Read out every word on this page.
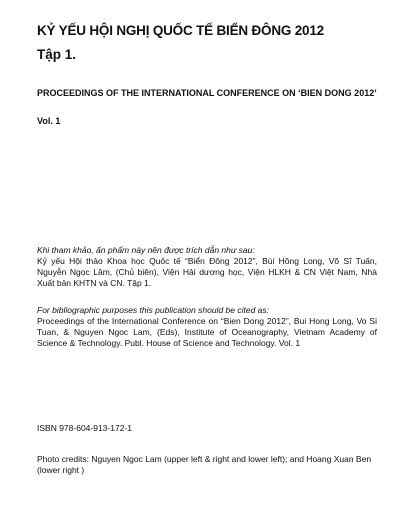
KỶ YẾU HỘI NGHỊ QUỐC TẾ BIỂN ĐÔNG 2012
Tập 1.
PROCEEDINGS OF THE INTERNATIONAL CONFERENCE ON ‘BIEN DONG 2012’
Vol. 1
Khi tham khảo, ấn phẩm này nên được trích dẫn như sau:
Kỷ yếu Hội thảo Khoa học Quốc tế “Biển Đông 2012”, Bùi Hồng Long, Võ Sĩ Tuấn, Nguyễn Ngọc Lâm, (Chủ biên), Viện Hải dương học, Viện HLKH & CN Việt Nam, Nhà Xuất bản KHTN và CN. Tập 1.
For bibliographic purposes this publication should be cited as:
Proceedings of the International Conference on “Bien Dong 2012”, Bui Hong Long, Vo Si Tuan, & Nguyen Ngoc Lam, (Eds), Institute of Oceanography, Vietnam Academy of Science & Technology. Publ. House of Science and Technology. Vol. 1
ISBN 978-604-913-172-1
Photo credits: Nguyen Ngoc Lam (upper left & right and lower left); and Hoang Xuan Ben (lower right )
